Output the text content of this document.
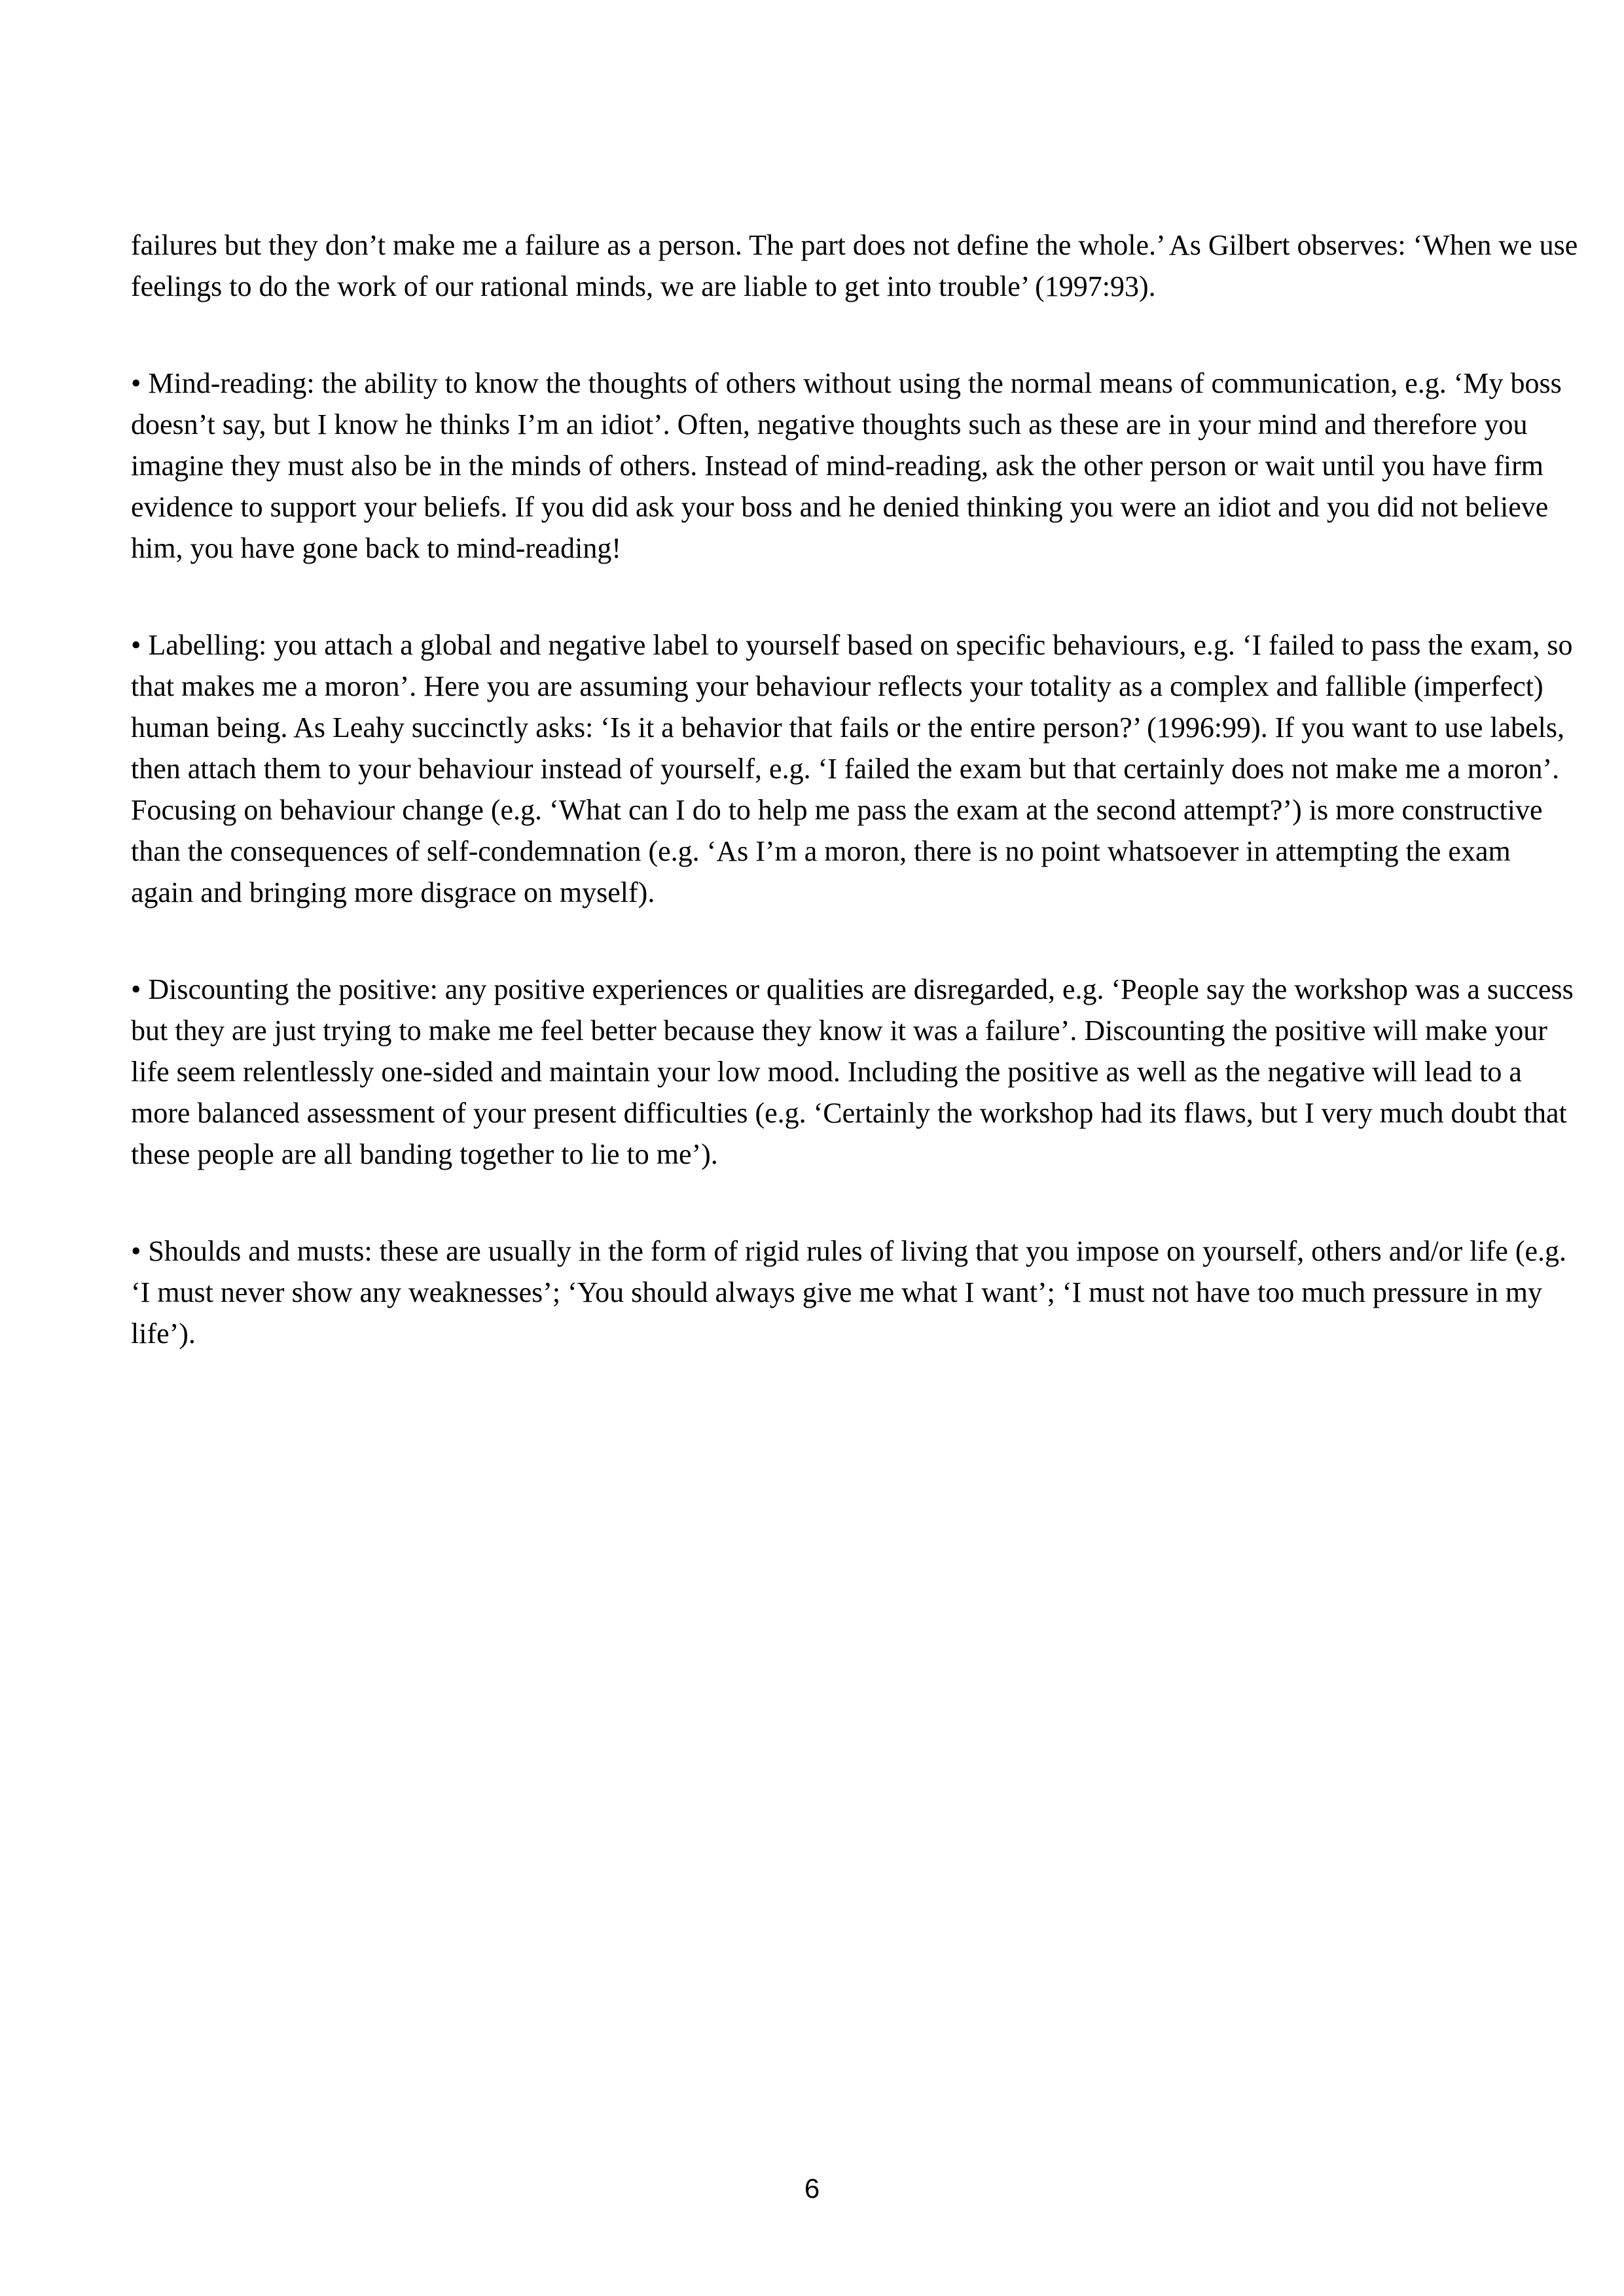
failures but they don’t make me a failure as a person. The part does not define the whole.’ As Gilbert observes: ‘When we use feelings to do the work of our rational minds, we are liable to get into trouble’ (1997:93).

• Mind-reading: the ability to know the thoughts of others without using the normal means of communication, e.g. ‘My boss doesn’t say, but I know he thinks I’m an idiot’. Often, negative thoughts such as these are in your mind and therefore you imagine they must also be in the minds of others. Instead of mind-reading, ask the other person or wait until you have firm evidence to support your beliefs. If you did ask your boss and he denied thinking you were an idiot and you did not believe him, you have gone back to mind-reading!

• Labelling: you attach a global and negative label to yourself based on specific behaviours, e.g. ‘I failed to pass the exam, so that makes me a moron’. Here you are assuming your behaviour reflects your totality as a complex and fallible (imperfect) human being. As Leahy succinctly asks: ‘Is it a behavior that fails or the entire person?’ (1996:99). If you want to use labels, then attach them to your behaviour instead of yourself, e.g. ‘I failed the exam but that certainly does not make me a moron’. Focusing on behaviour change (e.g. ‘What can I do to help me pass the exam at the second attempt?’) is more constructive than the consequences of self-condemnation (e.g. ‘As I’m a moron, there is no point whatsoever in attempting the exam again and bringing more disgrace on myself).

• Discounting the positive: any positive experiences or qualities are disregarded, e.g. ‘People say the workshop was a success but they are just trying to make me feel better because they know it was a failure’. Discounting the positive will make your life seem relentlessly one-sided and maintain your low mood. Including the positive as well as the negative will lead to a more balanced assessment of your present difficulties (e.g. ‘Certainly the workshop had its flaws, but I very much doubt that these people are all banding together to lie to me’).

• Shoulds and musts: these are usually in the form of rigid rules of living that you impose on yourself, others and/or life (e.g. ‘I must never show any weaknesses’; ‘You should always give me what I want’; ‘I must not have too much pressure in my life’).

6
